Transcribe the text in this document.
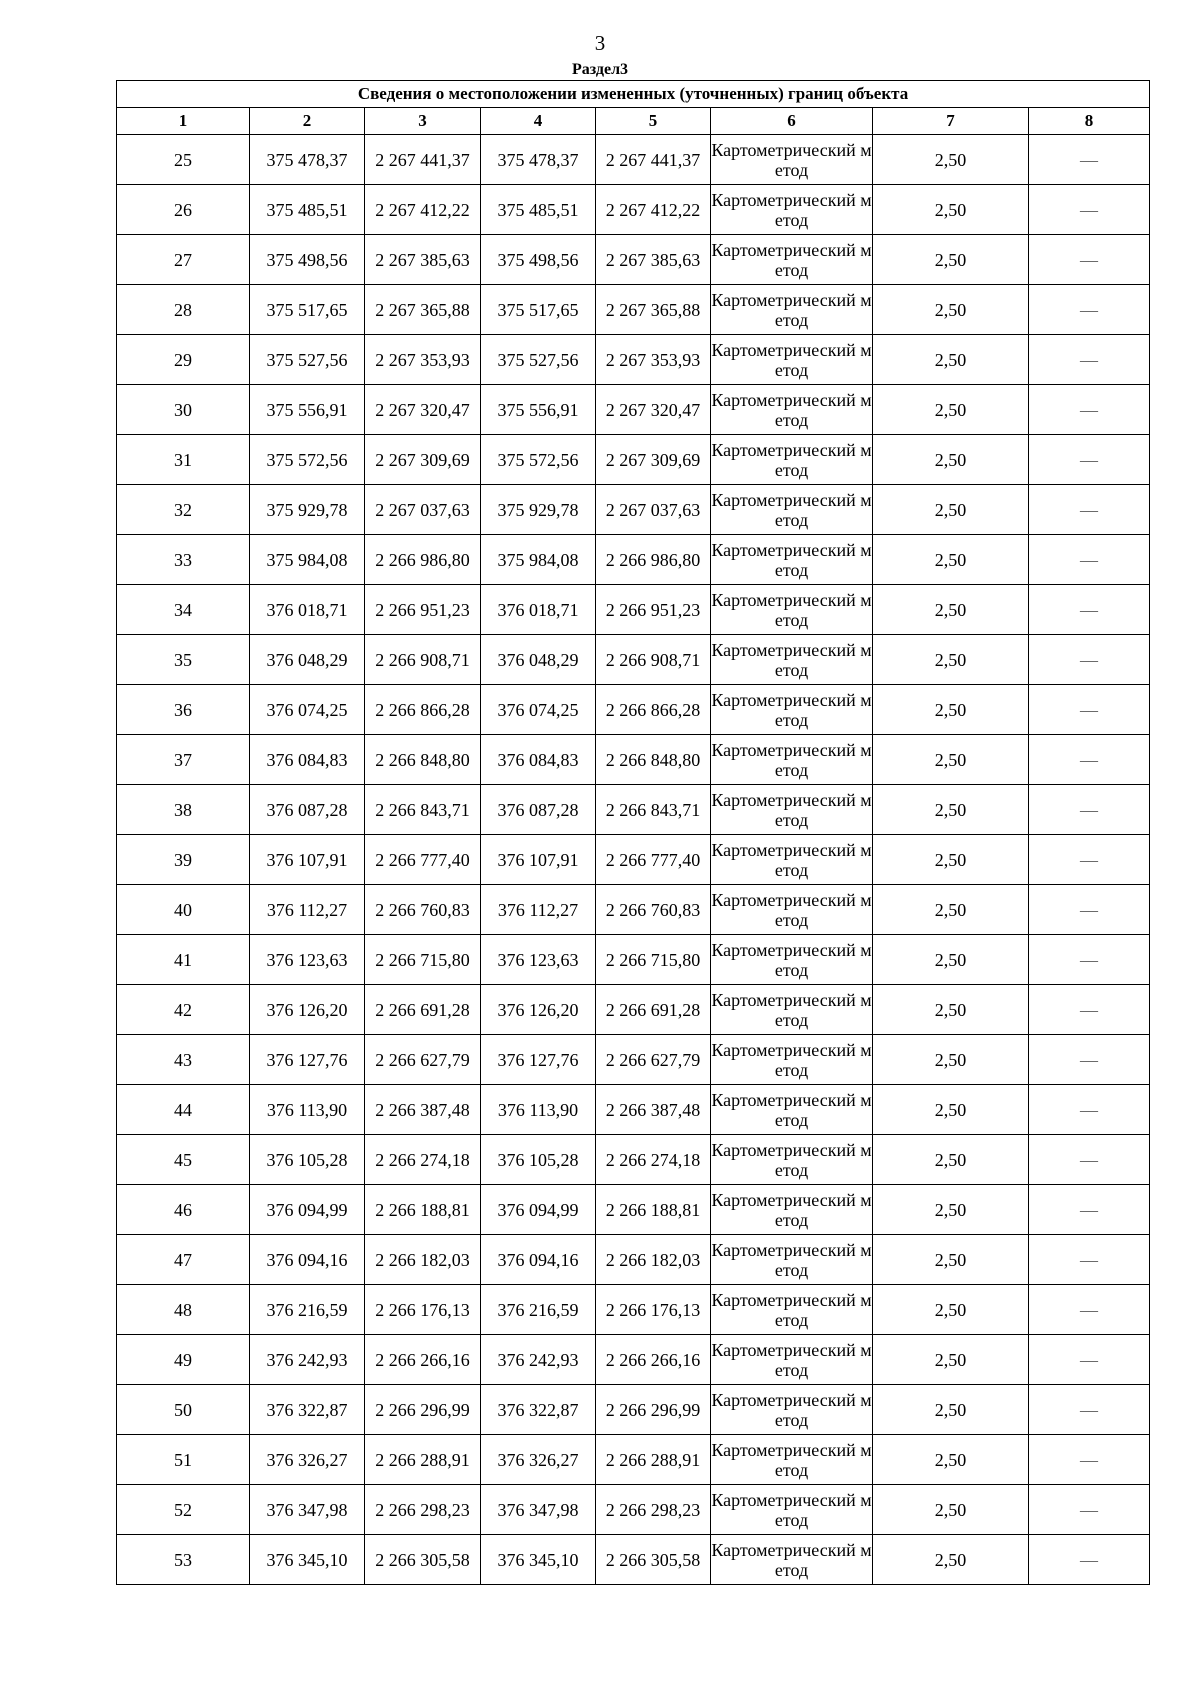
3
Раздел3
Сведения о местоположении измененных (уточненных) границ объекта							
1	2	3	4	5	6	7	8
25	375 478,37	2 267 441,37	375 478,37	2 267 441,37	Картометрический метод	2,50	—
26	375 485,51	2 267 412,22	375 485,51	2 267 412,22	Картометрический метод	2,50	—
27	375 498,56	2 267 385,63	375 498,56	2 267 385,63	Картометрический метод	2,50	—
28	375 517,65	2 267 365,88	375 517,65	2 267 365,88	Картометрический метод	2,50	—
29	375 527,56	2 267 353,93	375 527,56	2 267 353,93	Картометрический метод	2,50	—
30	375 556,91	2 267 320,47	375 556,91	2 267 320,47	Картометрический метод	2,50	—
31	375 572,56	2 267 309,69	375 572,56	2 267 309,69	Картометрический метод	2,50	—
32	375 929,78	2 267 037,63	375 929,78	2 267 037,63	Картометрический метод	2,50	—
33	375 984,08	2 266 986,80	375 984,08	2 266 986,80	Картометрический метод	2,50	—
34	376 018,71	2 266 951,23	376 018,71	2 266 951,23	Картометрический метод	2,50	—
35	376 048,29	2 266 908,71	376 048,29	2 266 908,71	Картометрический метод	2,50	—
36	376 074,25	2 266 866,28	376 074,25	2 266 866,28	Картометрический метод	2,50	—
37	376 084,83	2 266 848,80	376 084,83	2 266 848,80	Картометрический метод	2,50	—
38	376 087,28	2 266 843,71	376 087,28	2 266 843,71	Картометрический метод	2,50	—
39	376 107,91	2 266 777,40	376 107,91	2 266 777,40	Картометрический метод	2,50	—
40	376 112,27	2 266 760,83	376 112,27	2 266 760,83	Картометрический метод	2,50	—
41	376 123,63	2 266 715,80	376 123,63	2 266 715,80	Картометрический метод	2,50	—
42	376 126,20	2 266 691,28	376 126,20	2 266 691,28	Картометрический метод	2,50	—
43	376 127,76	2 266 627,79	376 127,76	2 266 627,79	Картометрический метод	2,50	—
44	376 113,90	2 266 387,48	376 113,90	2 266 387,48	Картометрический метод	2,50	—
45	376 105,28	2 266 274,18	376 105,28	2 266 274,18	Картометрический метод	2,50	—
46	376 094,99	2 266 188,81	376 094,99	2 266 188,81	Картометрический метод	2,50	—
47	376 094,16	2 266 182,03	376 094,16	2 266 182,03	Картометрический метод	2,50	—
48	376 216,59	2 266 176,13	376 216,59	2 266 176,13	Картометрический метод	2,50	—
49	376 242,93	2 266 266,16	376 242,93	2 266 266,16	Картометрический метод	2,50	—
50	376 322,87	2 266 296,99	376 322,87	2 266 296,99	Картометрический метод	2,50	—
51	376 326,27	2 266 288,91	376 326,27	2 266 288,91	Картометрический метод	2,50	—
52	376 347,98	2 266 298,23	376 347,98	2 266 298,23	Картометрический метод	2,50	—
53	376 345,10	2 266 305,58	376 345,10	2 266 305,58	Картометрический метод	2,50	—
